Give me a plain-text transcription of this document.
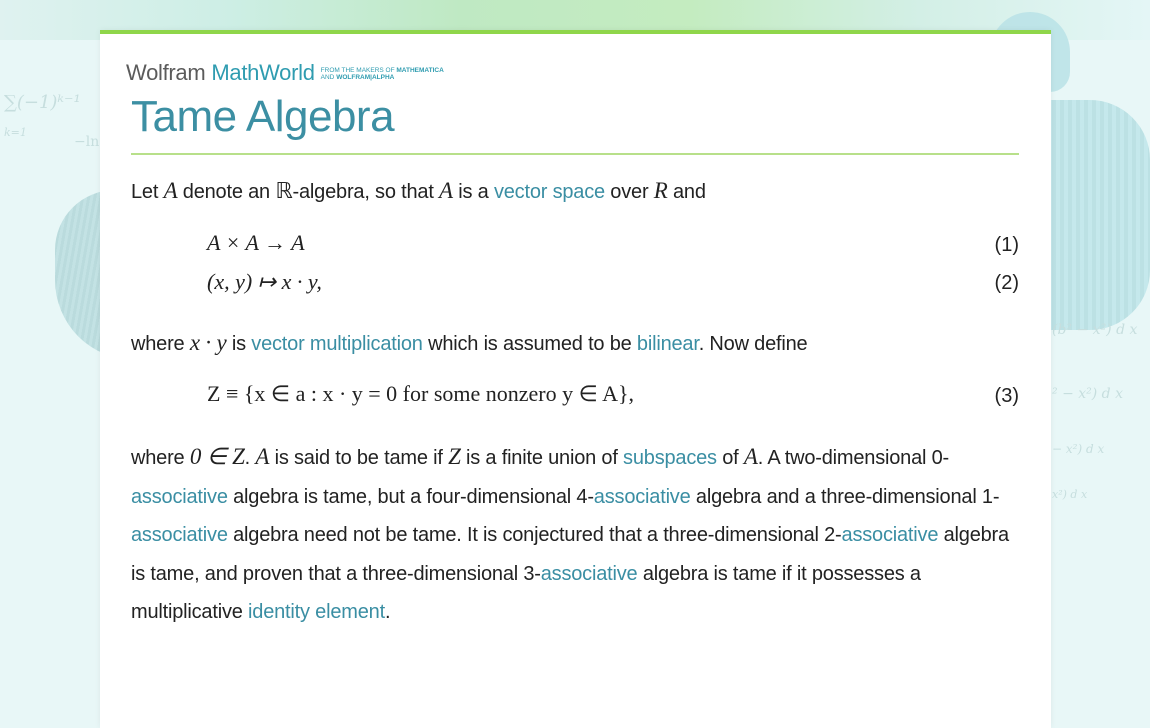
∑(−1)ᵏ⁻¹
k=1
−ln
(b² − x²) d x
² − x²) d x
− x²) d x
x²) d x
Wolfram MathWorld FROM THE MAKERS OF MATHEMATICA
AND WOLFRAM|ALPHA
Tame Algebra
Let A denote an ℝ-algebra, so that A is a vector space over R and
A × A → A	(1)
(x, y) ↦ x · y,	(2)
where x · y is vector multiplication which is assumed to be bilinear. Now define
Z ≡ {x ∈ a : x · y = 0 for some nonzero y ∈ A},	(3)
where 0 ∈ Z. A is said to be tame if Z is a finite union of subspaces of A. A two-dimensional 0-associative algebra is tame, but a four-dimensional 4-associative algebra and a three-dimensional 1-associative algebra need not be tame. It is conjectured that a three-dimensional 2-associative algebra is tame, and proven that a three-dimensional 3-associative algebra is tame if it possesses a multiplicative identity element.
